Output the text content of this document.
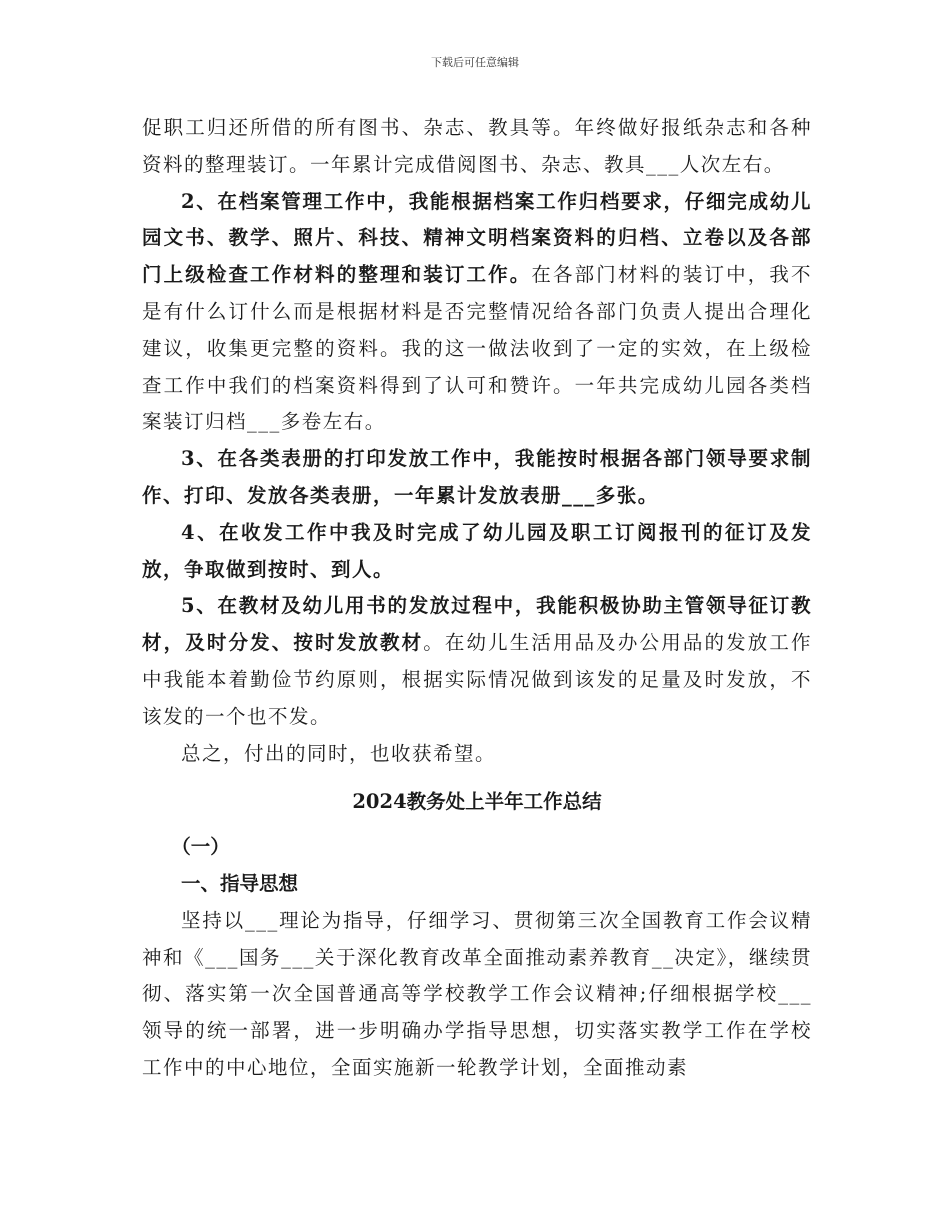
下载后可任意编辑

促职工归还所借的所有图书、杂志、教具等。年终做好报纸杂志和各种资料的整理装订。一年累计完成借阅图书、杂志、教具___人次左右。

2、在档案管理工作中，我能根据档案工作归档要求，仔细完成幼儿园文书、教学、照片、科技、精神文明档案资料的归档、立卷以及各部门上级检查工作材料的整理和装订工作。在各部门材料的装订中，我不是有什么订什么而是根据材料是否完整情况给各部门负责人提出合理化建议，收集更完整的资料。我的这一做法收到了一定的实效，在上级检查工作中我们的档案资料得到了认可和赞许。一年共完成幼儿园各类档案装订归档___多卷左右。

3、在各类表册的打印发放工作中，我能按时根据各部门领导要求制作、打印、发放各类表册，一年累计发放表册___多张。

4、在收发工作中我及时完成了幼儿园及职工订阅报刊的征订及发放，争取做到按时、到人。

5、在教材及幼儿用书的发放过程中，我能积极协助主管领导征订教材，及时分发、按时发放教材。在幼儿生活用品及办公用品的发放工作中我能本着勤俭节约原则，根据实际情况做到该发的足量及时发放，不该发的一个也不发。

总之，付出的同时，也收获希望。

2024教务处上半年工作总结

（一）

一、指导思想

坚持以___理论为指导，仔细学习、贯彻第三次全国教育工作会议精神和《___国务___关于深化教育改革全面推动素养教育__决定》，继续贯彻、落实第一次全国普通高等学校教学工作会议精神;仔细根据学校___领导的统一部署，进一步明确办学指导思想，切实落实教学工作在学校工作中的中心地位，全面实施新一轮教学计划，全面推动素
